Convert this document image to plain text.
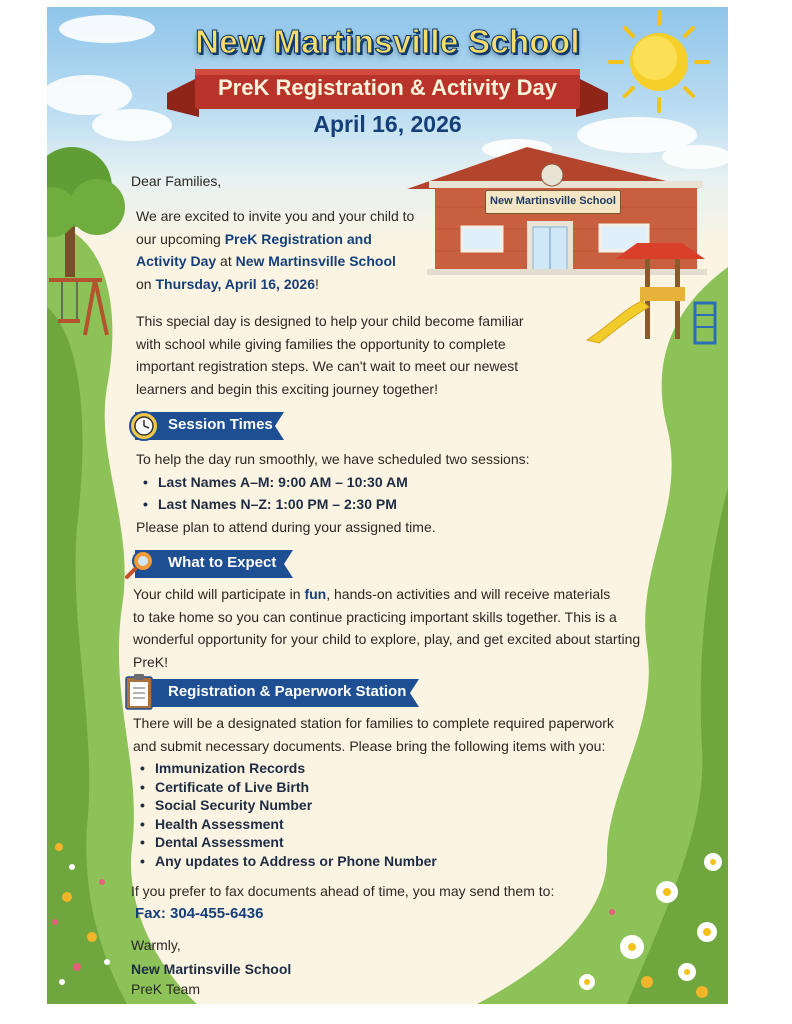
New Martinsville School
PreK Registration & Activity Day
April 16, 2026
New Martinsville School
Dear Families,
We are excited to invite you and your child to
our upcoming PreK Registration and
Activity Day at New Martinsville School
on Thursday, April 16, 2026!
This special day is designed to help your child become familiar
with school while giving families the opportunity to complete
important registration steps. We can't wait to meet our newest
learners and begin this exciting journey together!
Session Times
To help the day run smoothly, we have scheduled two sessions:
• Last Names A–M: 9:00 AM – 10:30 AM
• Last Names N–Z: 1:00 PM – 2:30 PM
Please plan to attend during your assigned time.
What to Expect
Your child will participate in fun, hands-on activities and will receive materials
to take home so you can continue practicing important skills together. This is a
wonderful opportunity for your child to explore, play, and get excited about starting
PreK!
Registration & Paperwork Station
There will be a designated station for families to complete required paperwork
and submit necessary documents. Please bring the following items with you:
• Immunization Records
• Certificate of Live Birth
• Social Security Number
• Health Assessment
• Dental Assessment
• Any updates to Address or Phone Number
If you prefer to fax documents ahead of time, you may send them to:
Fax: 304-455-6436
Warmly,
New Martinsville School
PreK Team
